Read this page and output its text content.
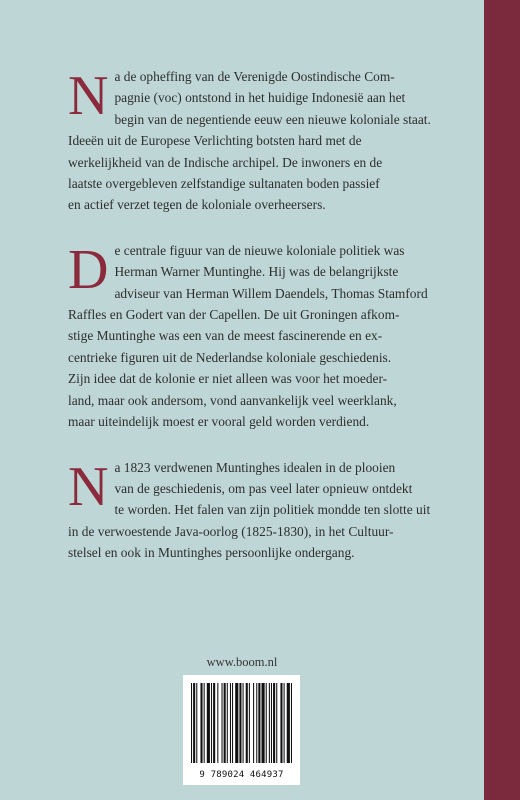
N a de opheffing van de Verenigde Oostindische Com-
pagnie (voc) ontstond in het huidige Indonesië aan het
begin van de negentiende eeuw een nieuwe koloniale staat.
Ideeën uit de Europese Verlichting botsten hard met de
werkelijkheid van de Indische archipel. De inwoners en de
laatste overgebleven zelfstandige sultanaten boden passief
en actief verzet tegen de koloniale overheersers.

D e centrale figuur van de nieuwe koloniale politiek was
Herman Warner Muntinghe. Hij was de belangrijkste
adviseur van Herman Willem Daendels, Thomas Stamford
Raffles en Godert van der Capellen. De uit Groningen afkom-
stige Muntinghe was een van de meest fascinerende en ex-
centrieke figuren uit de Nederlandse koloniale geschiedenis.
Zijn idee dat de kolonie er niet alleen was voor het moeder-
land, maar ook andersom, vond aanvankelijk veel weerklank,
maar uiteindelijk moest er vooral geld worden verdiend.

N a 1823 verdwenen Muntinghes idealen in de plooien
van de geschiedenis, om pas veel later opnieuw ontdekt
te worden. Het falen van zijn politiek mondde ten slotte uit
in de verwoestende Java-oorlog (1825-1830), in het Cultuur-
stelsel en ook in Muntinghes persoonlijke ondergang.

www.boom.nl
9 789024 464937
